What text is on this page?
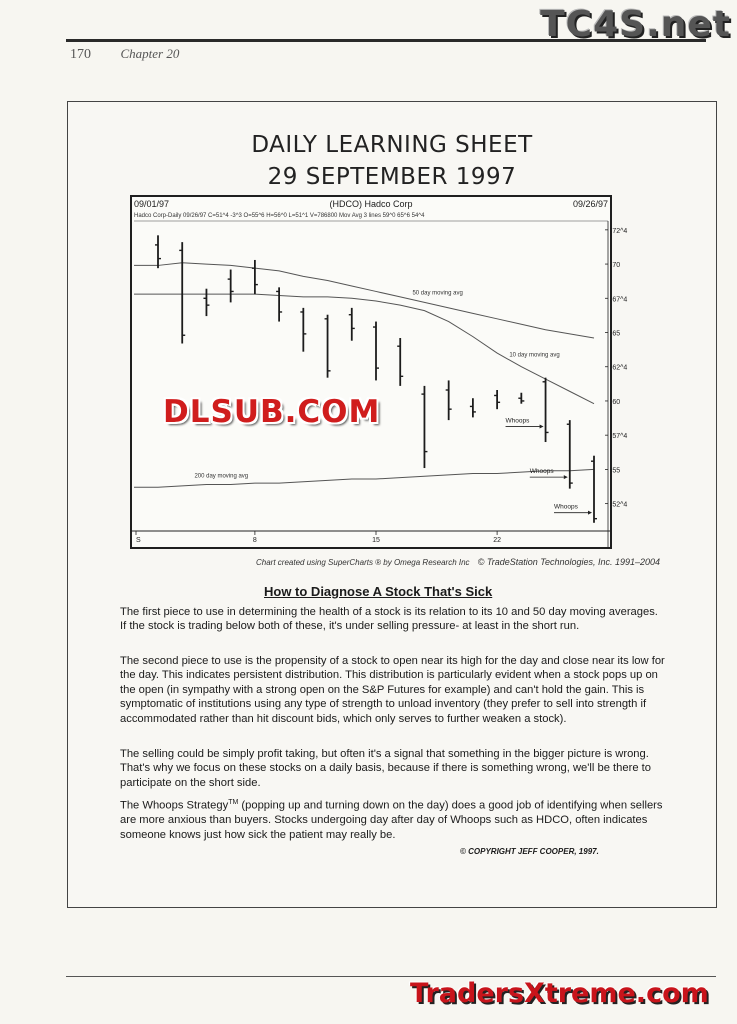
170 Chapter 20
TC4S.net
DAILY LEARNING SHEET
29 SEPTEMBER 1997
-72^4
-70
-67^4
-65
-62^4
-60
-57^4
-55
-52^4
S	8	15	22
50 day moving avg
10 day moving avg
200 day moving avg
Whoops
Whoops
Whoops
09/01/97	(HDCO) Hadco Corp	09/26/97
Hadco Corp-Daily 09/26/97 C=51^4 -3^3 O=55^6 H=56^0 L=51^1 V=786800 Mov Avg 3 lines 59^0 65^6 54^4
Chart created using SuperCharts ® by Omega Research Inc © TradeStation Technologies, Inc. 1991–2004
How to Diagnose A Stock That's Sick
The first piece to use in determining the health of a stock is its relation to its 10 and 50 day moving averages. If the stock is trading below both of these, it's under selling pressure- at least in the short run.
The second piece to use is the propensity of a stock to open near its high for the day and close near its low for the day. This indicates persistent distribution. This distribution is particularly evident when a stock pops up on the open (in sympathy with a strong open on the S&P Futures for example) and can't hold the gain. This is symptomatic of institutions using any type of strength to unload inventory (they prefer to sell into strength if accommodated rather than hit discount bids, which only serves to further weaken a stock).
The selling could be simply profit taking, but often it's a signal that something in the bigger picture is wrong. That's why we focus on these stocks on a daily basis, because if there is something wrong, we'll be there to participate on the short side.
The Whoops Strategy™ (popping up and turning down on the day) does a good job of identifying when sellers are more anxious than buyers. Stocks undergoing day after day of Whoops such as HDCO, often indicates someone knows just how sick the patient may really be.
© COPYRIGHT JEFF COOPER, 1997.
DLSUB.COM
TradersXtreme.com
